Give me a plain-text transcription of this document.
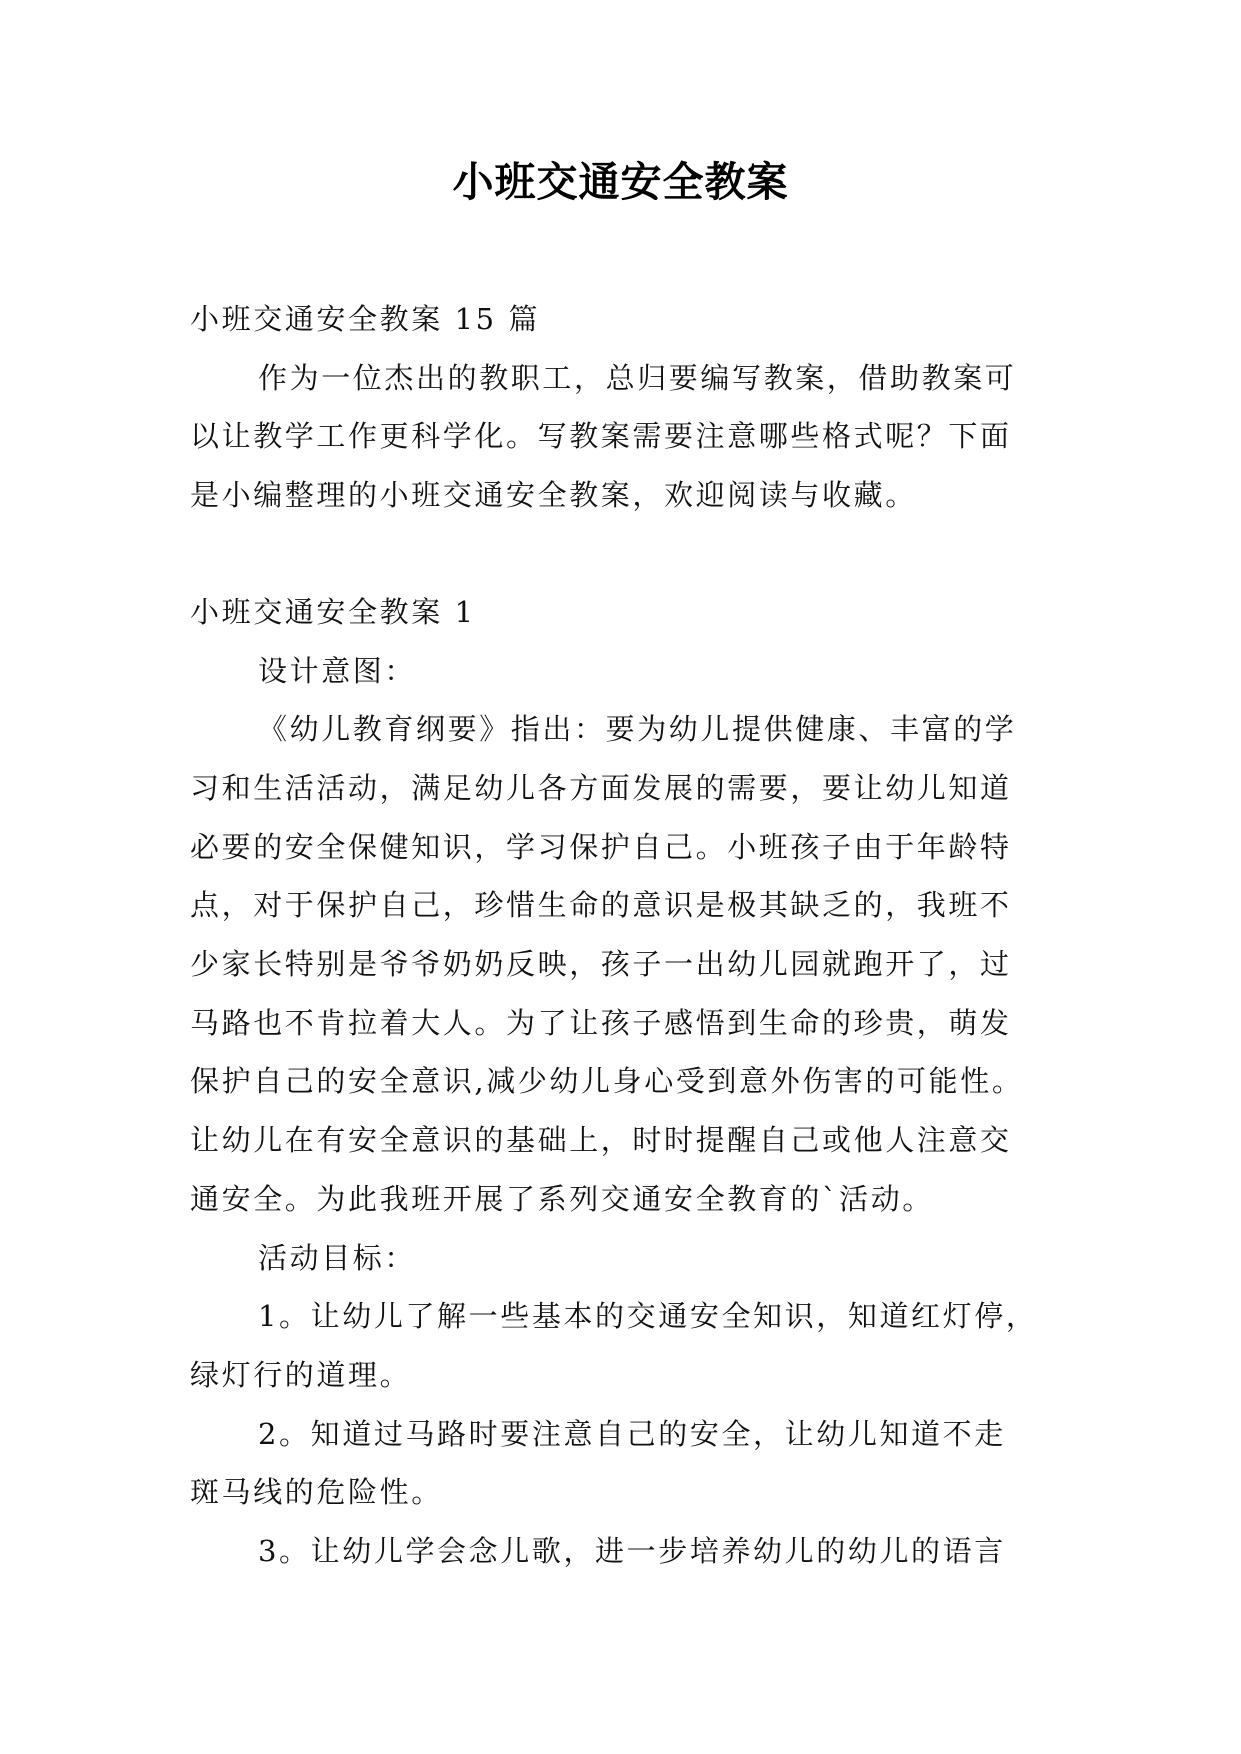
小班交通安全教案

小班交通安全教案 15 篇

作为一位杰出的教职工，总归要编写教案，借助教案可

以让教学工作更科学化。写教案需要注意哪些格式呢？下面

是小编整理的小班交通安全教案，欢迎阅读与收藏。

小班交通安全教案 1

设计意图：

《幼儿教育纲要》指出：要为幼儿提供健康、丰富的学

习和生活活动，满足幼儿各方面发展的需要，要让幼儿知道

必要的安全保健知识，学习保护自己。小班孩子由于年龄特

点，对于保护自己，珍惜生命的意识是极其缺乏的，我班不

少家长特别是爷爷奶奶反映，孩子一出幼儿园就跑开了，过

马路也不肯拉着大人。为了让孩子感悟到生命的珍贵，萌发

保护自己的安全意识,减少幼儿身心受到意外伤害的可能性。

让幼儿在有安全意识的基础上，时时提醒自己或他人注意交

通安全。为此我班开展了系列交通安全教育的`活动。

活动目标：

1。让幼儿了解一些基本的交通安全知识，知道红灯停，

绿灯行的道理。

2。知道过马路时要注意自己的安全，让幼儿知道不走

斑马线的危险性。

3。让幼儿学会念儿歌，进一步培养幼儿的幼儿的语言
